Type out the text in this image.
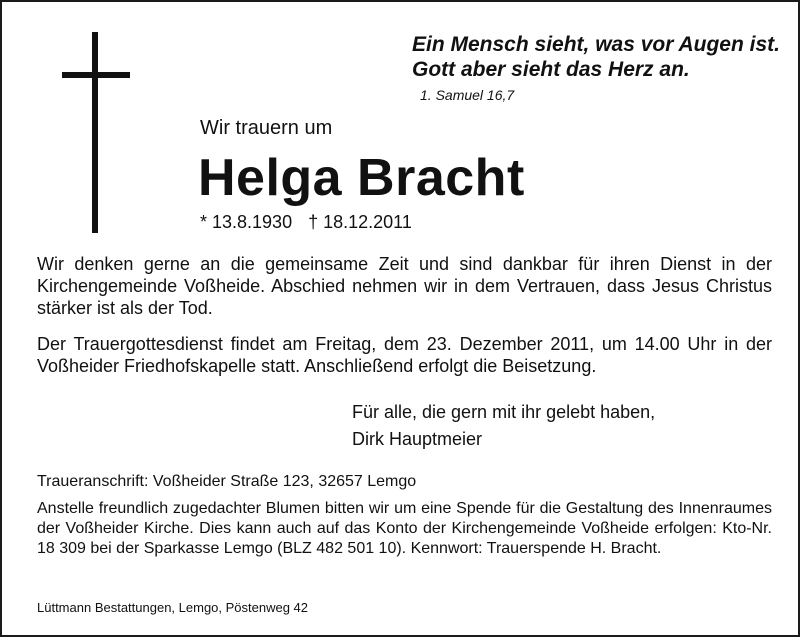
Ein Mensch sieht, was vor Augen ist.
Gott aber sieht das Herz an.
1. Samuel 16,7
Wir trauern um
Helga Bracht
* 13.8.1930 † 18.12.2011
Wir denken gerne an die gemeinsame Zeit und sind dankbar für ihren Dienst in der Kirchengemeinde Voßheide. Abschied nehmen wir in dem Vertrauen, dass Jesus Christus stärker ist als der Tod.
Der Trauergottesdienst findet am Freitag, dem 23. Dezember 2011, um 14.00 Uhr in der Voßheider Friedhofskapelle statt. Anschließend erfolgt die Beisetzung.
Für alle, die gern mit ihr gelebt haben,
Dirk Hauptmeier
Traueranschrift: Voßheider Straße 123, 32657 Lemgo
Anstelle freundlich zugedachter Blumen bitten wir um eine Spende für die Gestaltung des Innenraumes der Voßheider Kirche. Dies kann auch auf das Konto der Kirchengemeinde Voßheide erfolgen: Kto-Nr. 18 309 bei der Sparkasse Lemgo (BLZ 482 501 10). Kennwort: Trauerspende H. Bracht.
Lüttmann Bestattungen, Lemgo, Pöstenweg 42
